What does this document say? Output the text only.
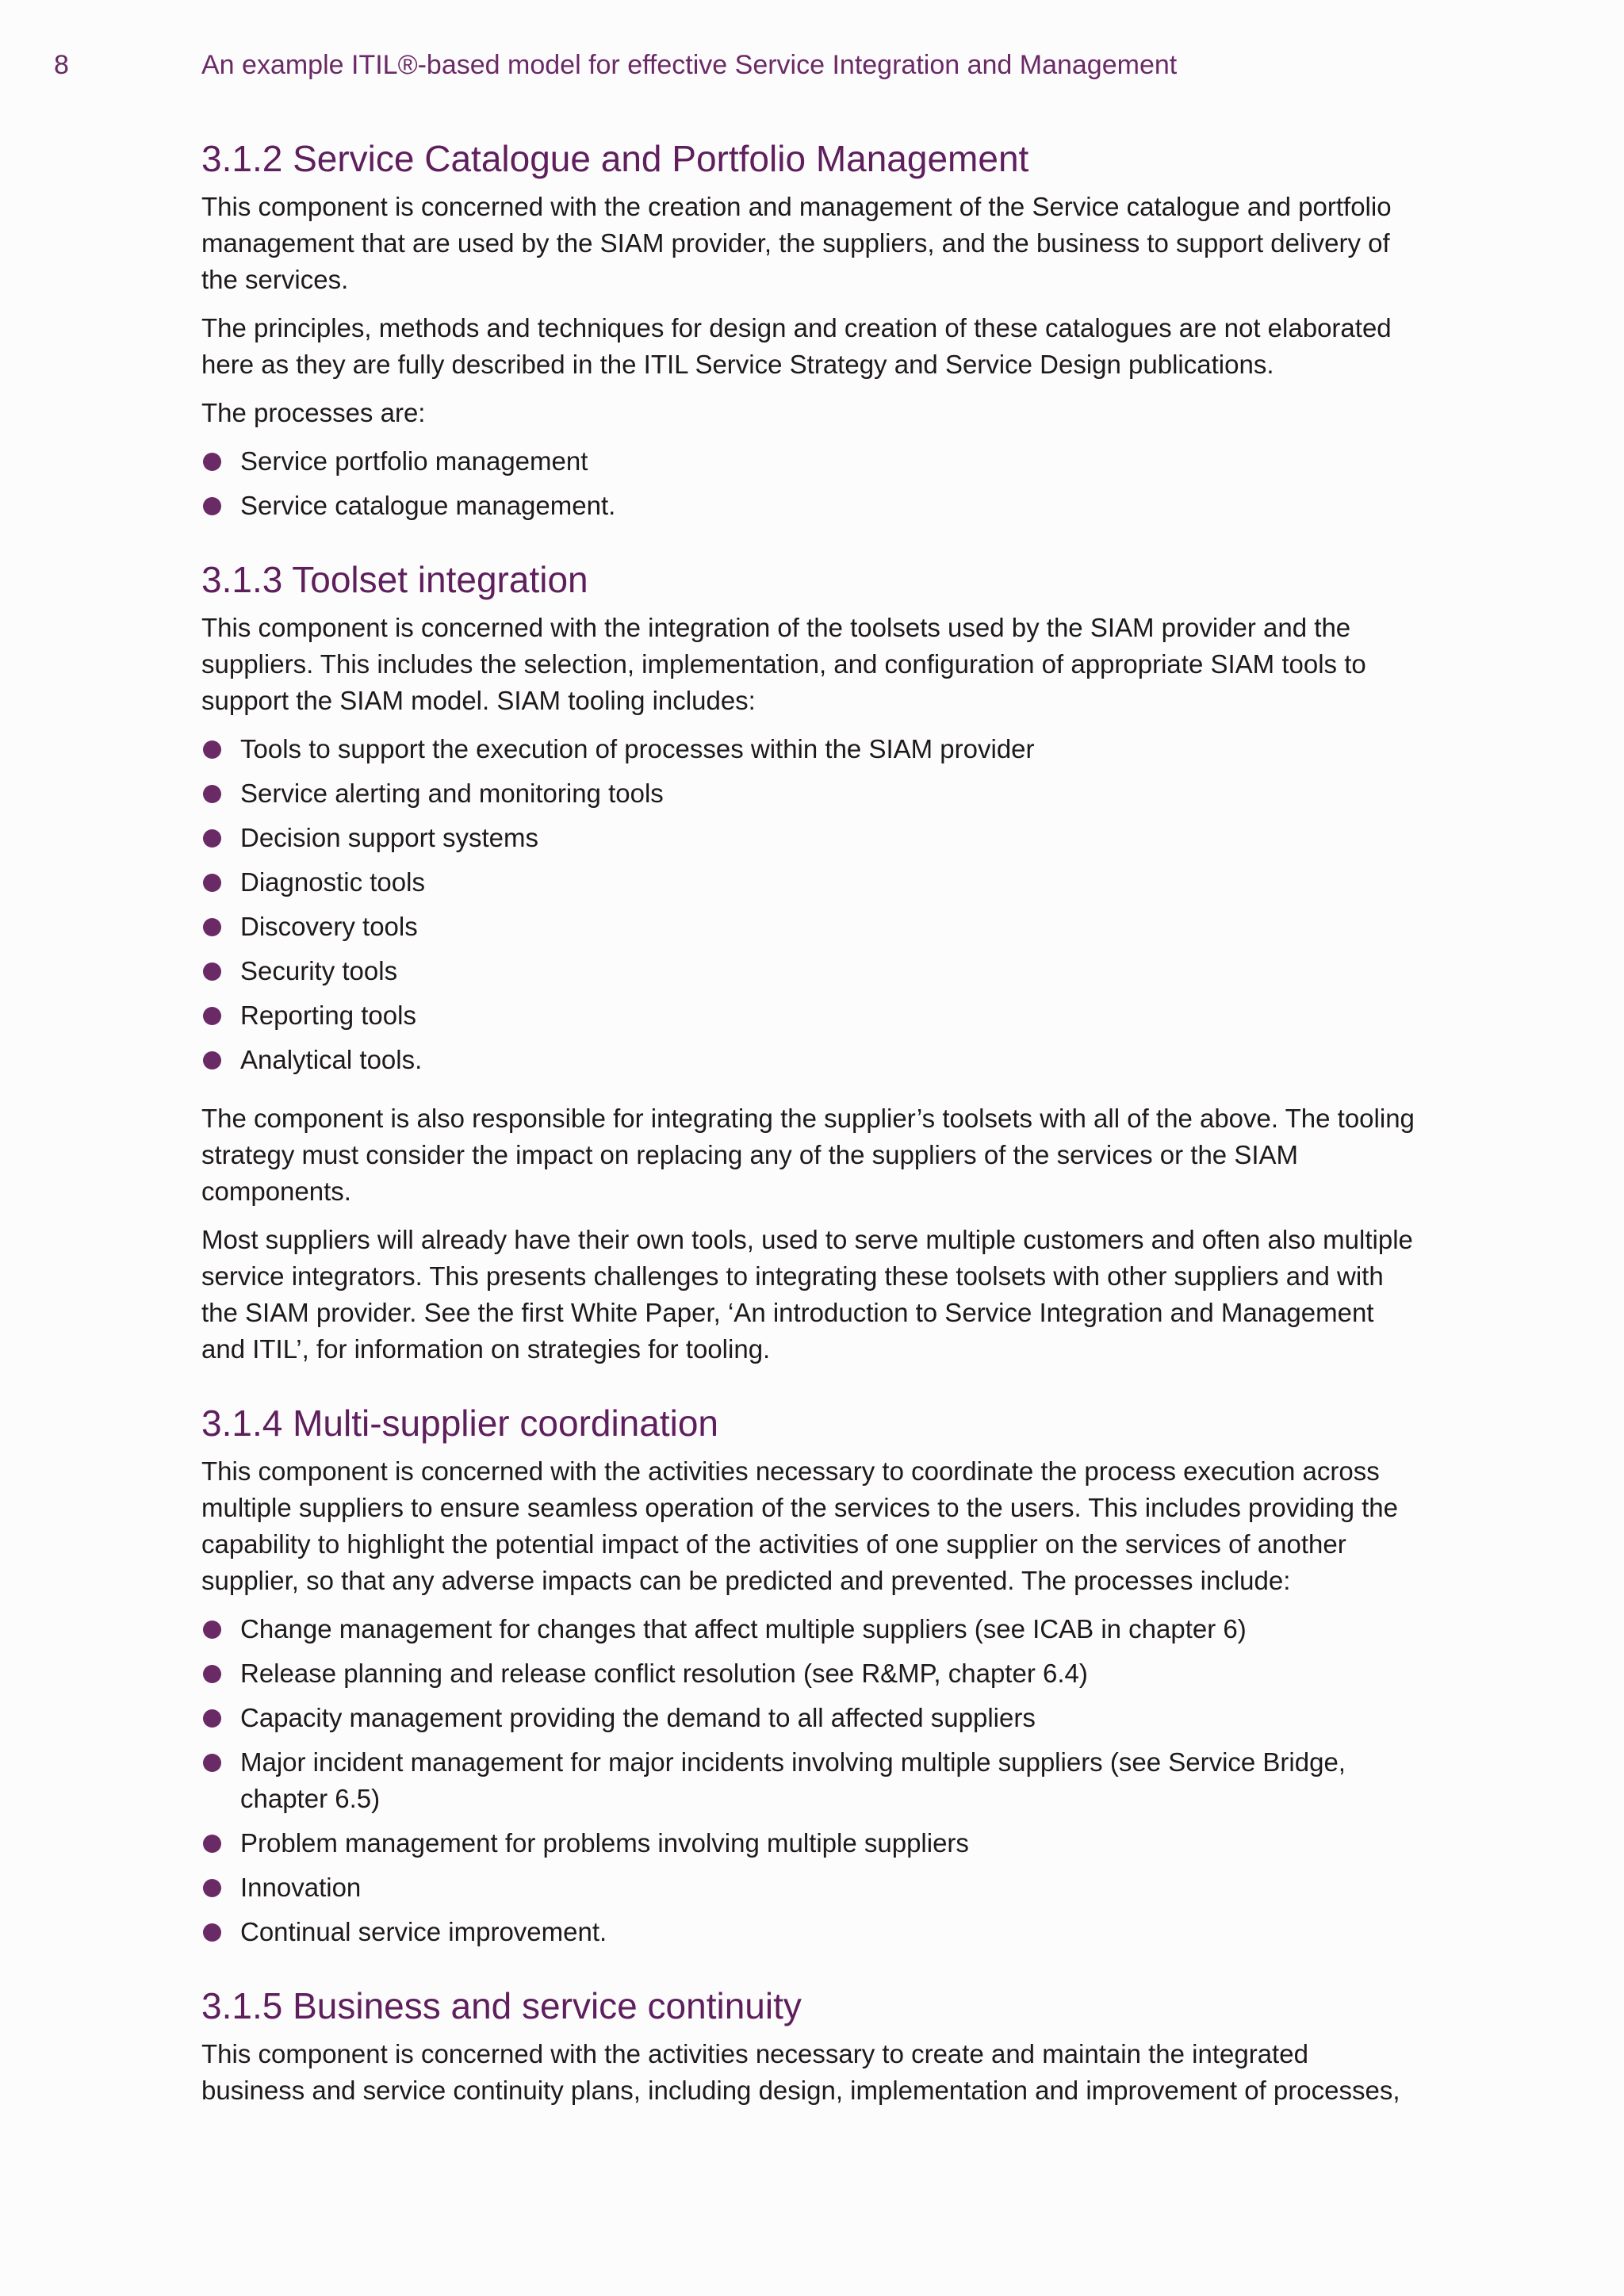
8	An example ITIL®-based model for effective Service Integration and Management
3.1.2 Service Catalogue and Portfolio Management

This component is concerned with the creation and management of the Service catalogue and portfolio management that are used by the SIAM provider, the suppliers, and the business to support delivery of the services.

The principles, methods and techniques for design and creation of these catalogues are not elaborated here as they are fully described in the ITIL Service Strategy and Service Design publications.

The processes are:

Service portfolio management
Service catalogue management.
3.1.3 Toolset integration

This component is concerned with the integration of the toolsets used by the SIAM provider and the suppliers. This includes the selection, implementation, and configuration of appropriate SIAM tools to support the SIAM model. SIAM tooling includes:

Tools to support the execution of processes within the SIAM provider
Service alerting and monitoring tools
Decision support systems
Diagnostic tools
Discovery tools
Security tools
Reporting tools
Analytical tools.

The component is also responsible for integrating the supplier’s toolsets with all of the above. The tooling strategy must consider the impact on replacing any of the suppliers of the services or the SIAM components.

Most suppliers will already have their own tools, used to serve multiple customers and often also multiple service integrators. This presents challenges to integrating these toolsets with other suppliers and with the SIAM provider. See the first White Paper, ‘An introduction to Service Integration and Management and ITIL’, for information on strategies for tooling.

3.1.4 Multi-supplier coordination

This component is concerned with the activities necessary to coordinate the process execution across multiple suppliers to ensure seamless operation of the services to the users. This includes providing the capability to highlight the potential impact of the activities of one supplier on the services of another supplier, so that any adverse impacts can be predicted and prevented. The processes include:

Change management for changes that affect multiple suppliers (see ICAB in chapter 6)
Release planning and release conflict resolution (see R&MP, chapter 6.4)
Capacity management providing the demand to all affected suppliers
Major incident management for major incidents involving multiple suppliers (see Service Bridge, chapter 6.5)
Problem management for problems involving multiple suppliers
Innovation
Continual service improvement.
3.1.5 Business and service continuity

This component is concerned with the activities necessary to create and maintain the integrated business and service continuity plans, including design, implementation and improvement of processes,
